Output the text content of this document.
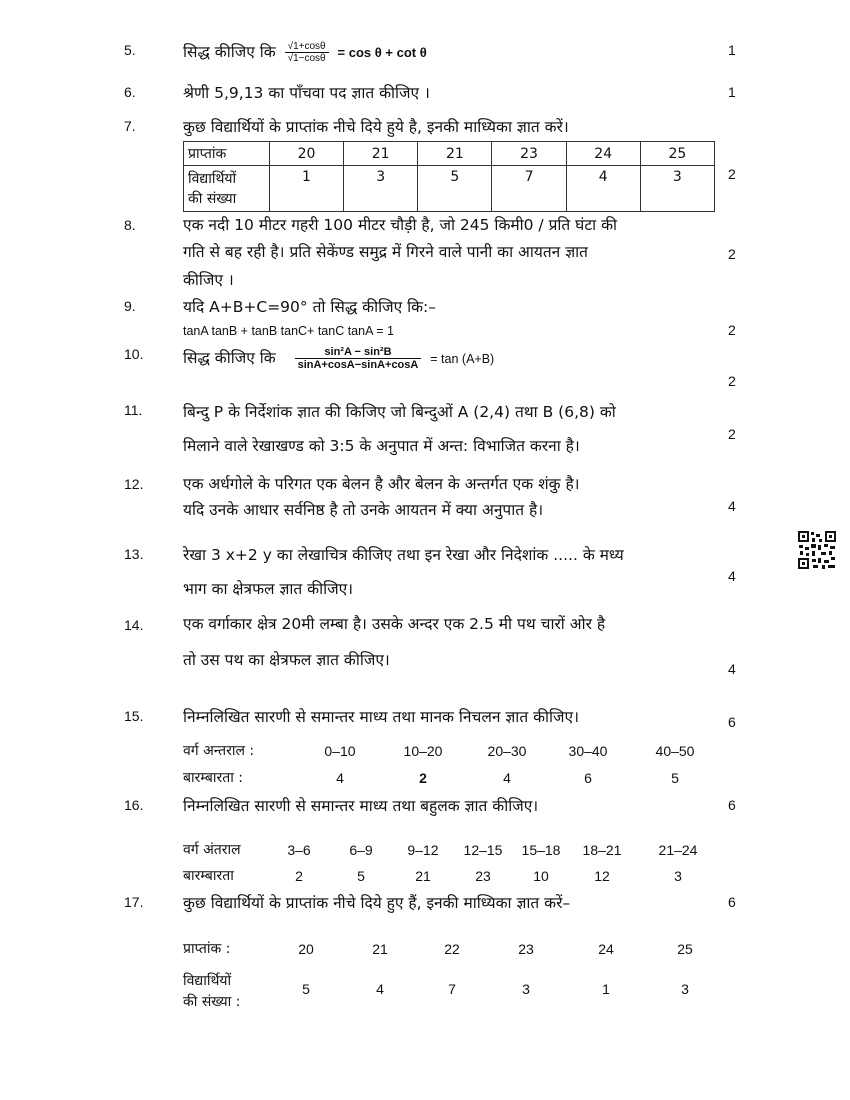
5.	सिद्ध कीजिए कि $\frac{√1+\cos\theta}{√1-\cos\theta} = \cos \theta + \cot \theta$	1
6.	श्रेणी 5,9,13 का पाँचवा पद ज्ञात कीजिए ।	1
7.	कुछ विद्यार्थियों के प्राप्तांक नीचे दिये हुये है, इनकी माध्यिका ज्ञात करें।
प्राप्तांक	20	21	21	23	24	25
विद्यार्थियों
की संख्या	1	3	5	7	4	3	2
8.	एक नदी 10 मीटर गहरी 100 मीटर चौड़ी है, जो 245 किमी0 / प्रति घंटा की
गति से बह रही है। प्रति सेकेंण्ड समुद्र में गिरने वाले पानी का आयतन ज्ञात
कीजिए ।
2
9.	यदि A+B+C=90° तो सिद्ध कीजिए कि:–
tanA tanB + tanB tanC+ tanC tanA = 1	2
10.	सिद्ध कीजिए कि $\frac{\text{sin²A − sin²B}}{\sin A+\cos A-\sin A+\cos A} = \tan (A+B)$
2
11.	बिन्दु P के निर्देशांक ज्ञात की किजिए जो बिन्दुओं A (2,4) तथा B (6,8) को
मिलाने वाले रेखाखण्ड को 3:5 के अनुपात में अन्त: विभाजित करना है।
2
12.	एक अर्धगोले के परिगत एक बेलन है और बेलन के अन्तर्गत एक शंकु है।
यदि उनके आधार सर्वनिष्ठ है तो उनके आयतन में क्या अनुपात है।	4
13.	रेखा 3 x+2 y का लेखाचित्र कीजिए तथा इन रेखा और निदेशांक ..... के मध्य
भाग का क्षेत्रफल ज्ञात कीजिए।
4
14.	एक वर्गाकार क्षेत्र 20मी लम्बा है। उसके अन्दर एक 2.5 मी पथ चारों ओर है
तो उस पथ का क्षेत्रफल ज्ञात कीजिए।	4
15.	निम्नलिखित सारणी से समान्तर माध्य तथा मानक निचलन ज्ञात कीजिए।	6
वर्ग अन्तराल :	0–10	10–20	20–30	30–40	40–50
बारम्बारता :	4	2	4	6	5
16.	निम्नलिखित सारणी से समान्तर माध्य तथा बहुलक ज्ञात कीजिए।	6
वर्ग अंतराल	3–6	6–9	9–12	12–15	15–18	18–21	21–24
बारम्बारता	2	5	21	23	10	12	3
17.	कुछ विद्यार्थियों के प्राप्तांक नीचे दिये हुए हैं, इनकी माध्यिका ज्ञात करें–	6
प्राप्तांक :	20	21	22	23	24	25
विद्यार्थियों
की संख्या :
5	4	7	3	1	3
